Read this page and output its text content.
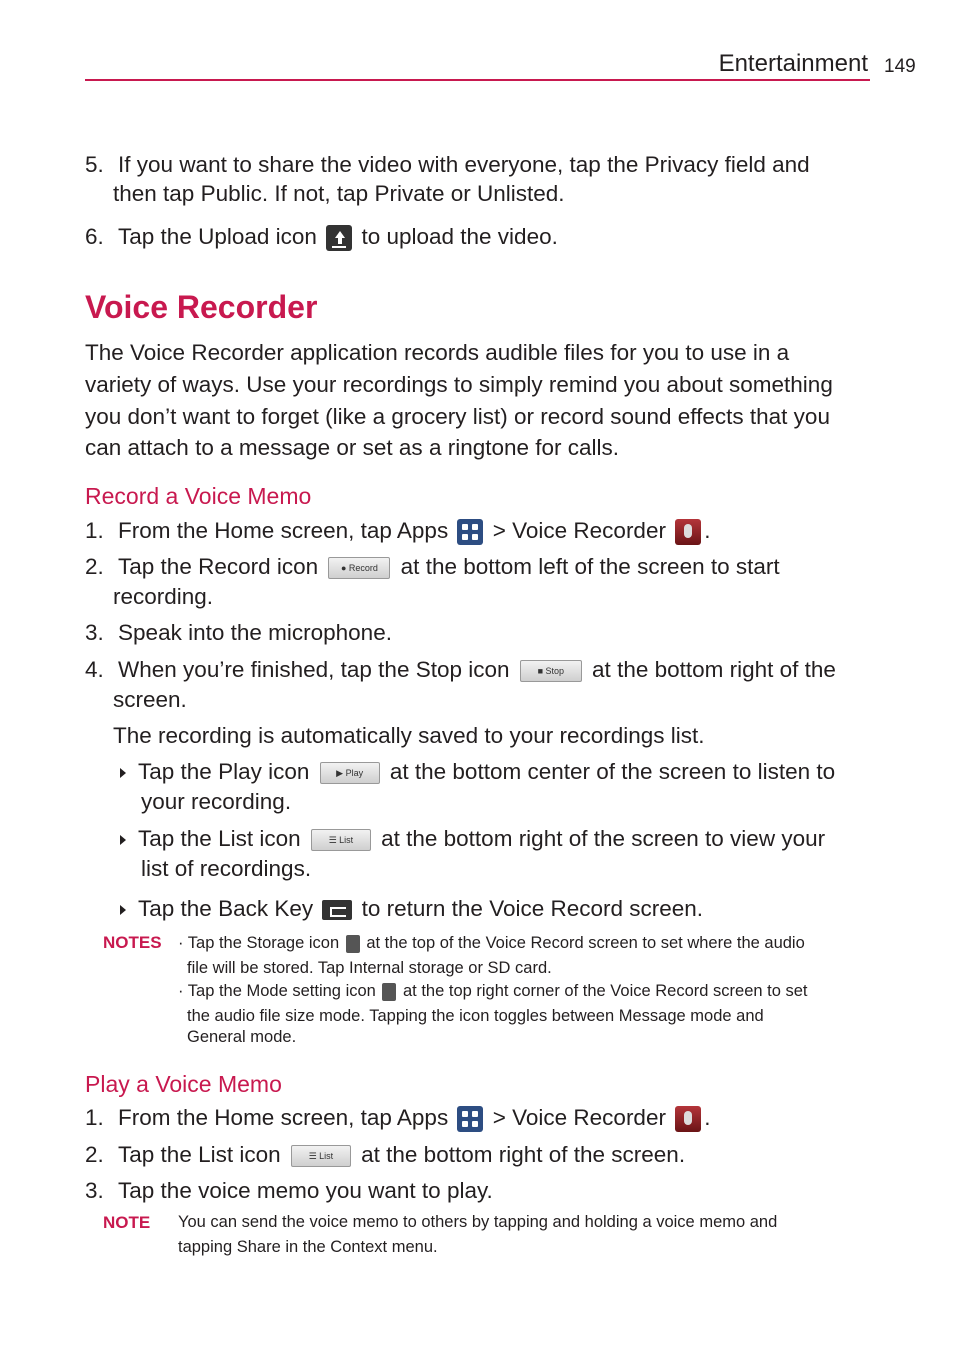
Entertainment 149
5. If you want to share the video with everyone, tap the Privacy field and
then tap Public. If not, tap Private or Unlisted.
6. Tap the Upload icon
to upload the video.
Voice Recorder
The Voice Recorder application records audible files for you to use in a
variety of ways. Use your recordings to simply remind you about something
you don’t want to forget (like a grocery list) or record sound effects that you
can attach to a message or set as a ringtone for calls.
Record a Voice Memo
1. From the Home screen, tap Apps
> Voice Recorder .
2. Tap the Record icon ● Record at the bottom left of the screen to start
recording.
3. Speak into the microphone.
4. When you’re finished, tap the Stop icon ■ Stop at the bottom right of the
screen.
The recording is automatically saved to your recordings list.
Tap the Play icon ▶ Play at the bottom center of the screen to listen to
your recording.
Tap the List icon ☰ List at the bottom right of the screen to view your
list of recordings.
Tap the Back Key
to return the Voice Record screen.
NOTES · Tap the Storage icon  at the top of the Voice Record screen to set where the audio
file will be stored. Tap Internal storage or SD card.
· Tap the Mode setting icon  at the top right corner of the Voice Record screen to set
the audio file size mode. Tapping the icon toggles between Message mode and
General mode.
Play a Voice Memo
1. From the Home screen, tap Apps
> Voice Recorder .
2. Tap the List icon ☰ List at the bottom right of the screen.
3. Tap the voice memo you want to play.
NOTE You can send the voice memo to others by tapping and holding a voice memo and
tapping Share in the Context menu.
